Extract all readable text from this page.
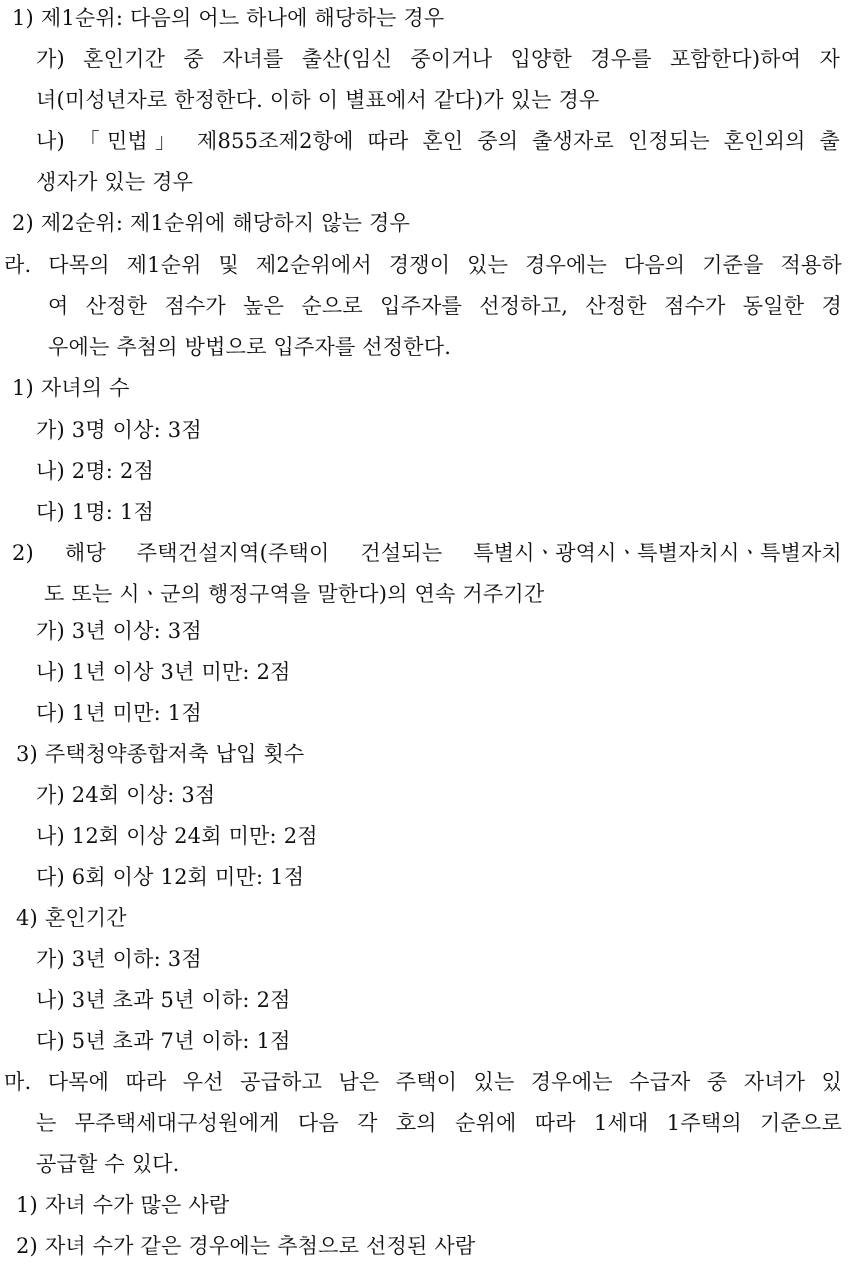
1) 제1순위: 다음의 어느 하나에 해당하는 경우
가) 혼인기간 중 자녀를 출산(임신 중이거나 입양한 경우를 포함한다)하여 자
녀(미성년자로 한정한다. 이하 이 별표에서 같다)가 있는 경우
나) 「민법」 제855조제2항에 따라 혼인 중의 출생자로 인정되는 혼인외의 출
생자가 있는 경우
2) 제2순위: 제1순위에 해당하지 않는 경우
라. 다목의 제1순위 및 제2순위에서 경쟁이 있는 경우에는 다음의 기준을 적용하
여 산정한 점수가 높은 순으로 입주자를 선정하고, 산정한 점수가 동일한 경
우에는 추첨의 방법으로 입주자를 선정한다.
1) 자녀의 수
가) 3명 이상: 3점
나) 2명: 2점
다) 1명: 1점
2) 해당 주택건설지역(주택이 건설되는 특별시ㆍ광역시ㆍ특별자치시ㆍ특별자치
도 또는 시ㆍ군의 행정구역을 말한다)의 연속 거주기간
가) 3년 이상: 3점
나) 1년 이상 3년 미만: 2점
다) 1년 미만: 1점
3) 주택청약종합저축 납입 횟수
가) 24회 이상: 3점
나) 12회 이상 24회 미만: 2점
다) 6회 이상 12회 미만: 1점
4) 혼인기간
가) 3년 이하: 3점
나) 3년 초과 5년 이하: 2점
다) 5년 초과 7년 이하: 1점
마. 다목에 따라 우선 공급하고 남은 주택이 있는 경우에는 수급자 중 자녀가 있
는 무주택세대구성원에게 다음 각 호의 순위에 따라 1세대 1주택의 기준으로
공급할 수 있다.
1) 자녀 수가 많은 사람
2) 자녀 수가 같은 경우에는 추첨으로 선정된 사람
